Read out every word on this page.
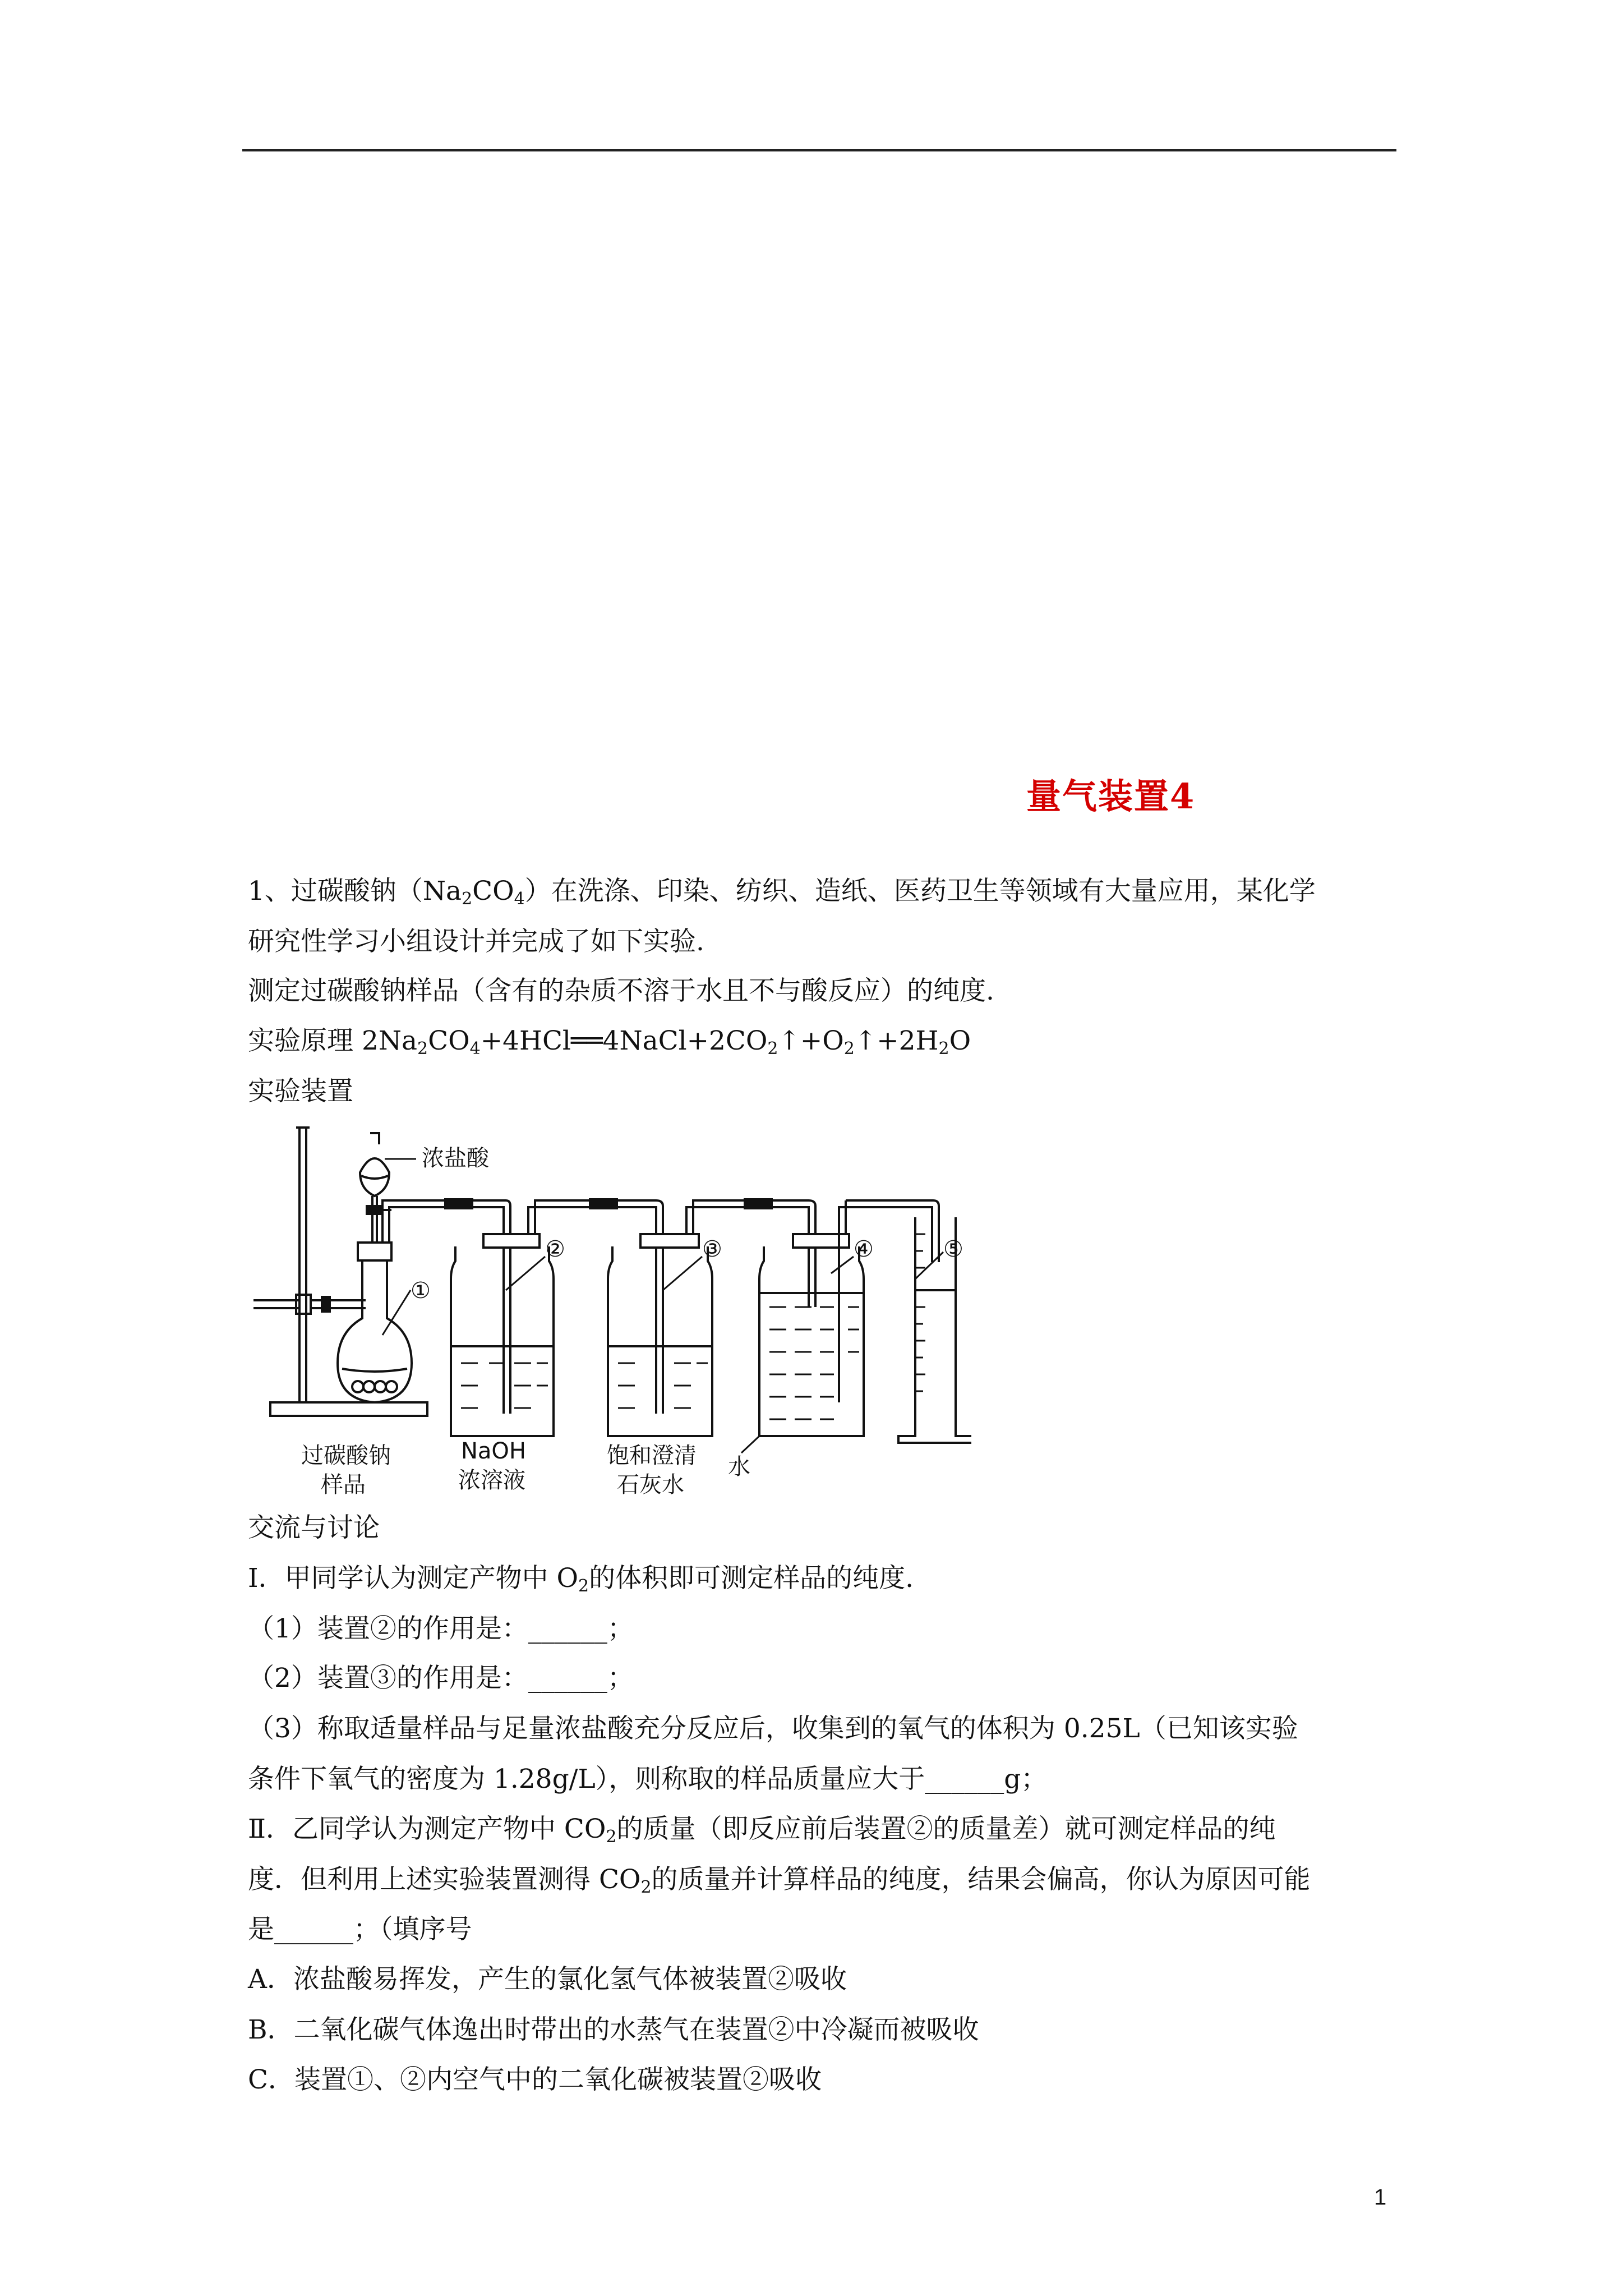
量气装置4
1、过碳酸钠$(Na_2CO_4)$在洗涤、印染、纺织、造纸、医药卫生等领域有大量应用，某化学
研究性学习小组设计并完成了如下实验.
测定过碳酸钠样品（含有的杂质不溶于水且不与酸反应）的纯度.
实验原理 $2Na_2CO_4+4HCl══4NaCl+2CO_2↑+O_2↑+2H_2O$
实验装置
浓盐酸
①
②	③	④	⑤
过碳酸钠
样品
NaOH
浓溶液
饱和澄清
石灰水
水
交流与讨论
Ⅰ．甲同学认为测定产物中 $O_2$的体积即可测定样品的纯度.
（1）装置②的作用是：______；
（2）装置③的作用是：______；
（3）称取适量样品与足量浓盐酸充分反应后，收集到的氧气的体积为 0.25L（已知该实验
条件下氧气的密度为 1.28g/L），则称取的样品质量应大于______g；
Ⅱ．乙同学认为测定产物中 $CO_2$的质量（即反应前后装置②的质量差）就可测定样品的纯
度．但利用上述实验装置测得 $CO_2$的质量并计算样品的纯度，结果会偏高，你认为原因可能
是______；（填序号
A．浓盐酸易挥发，产生的氯化氢气体被装置②吸收
B．二氧化碳气体逸出时带出的水蒸气在装置②中冷凝而被吸收
C．装置①、②内空气中的二氧化碳被装置②吸收
1
